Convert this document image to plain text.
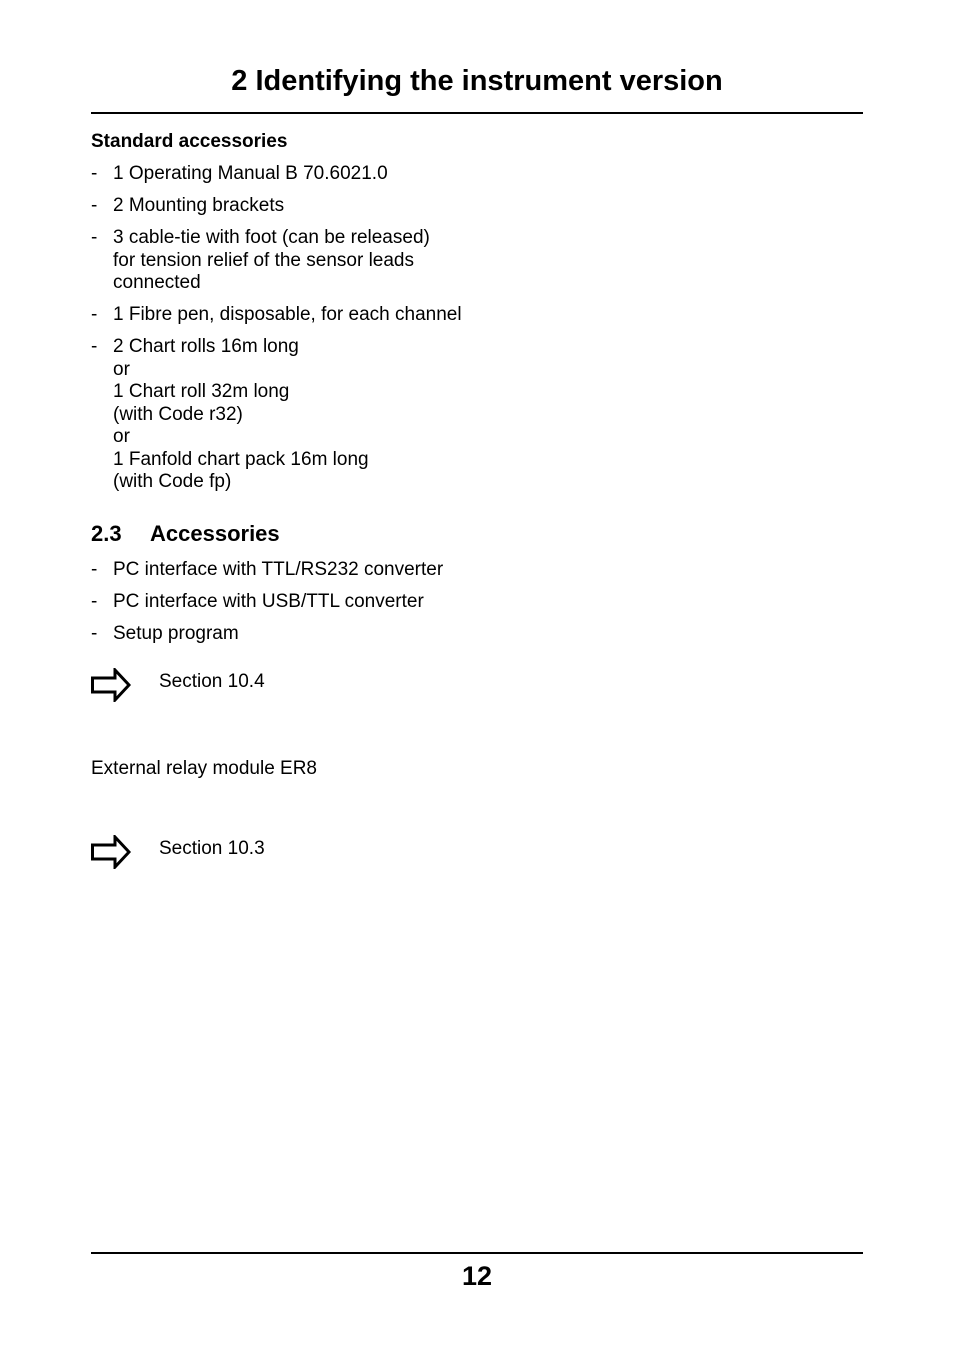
2 Identifying the instrument version
Standard accessories
- 1 Operating Manual B 70.6021.0
- 2 Mounting brackets
- 3 cable-tie with foot (can be released)
for tension relief of the sensor leads
connected
- 1 Fibre pen, disposable, for each channel
- 2 Chart rolls 16m long
or
1 Chart roll 32m long
(with Code r32)
or
1 Fanfold chart pack 16m long
(with Code fp)
2.3 Accessories
- PC interface with TTL/RS232 converter
- PC interface with USB/TTL converter
- Setup program
Section 10.4
External relay module ER8
Section 10.3
12
